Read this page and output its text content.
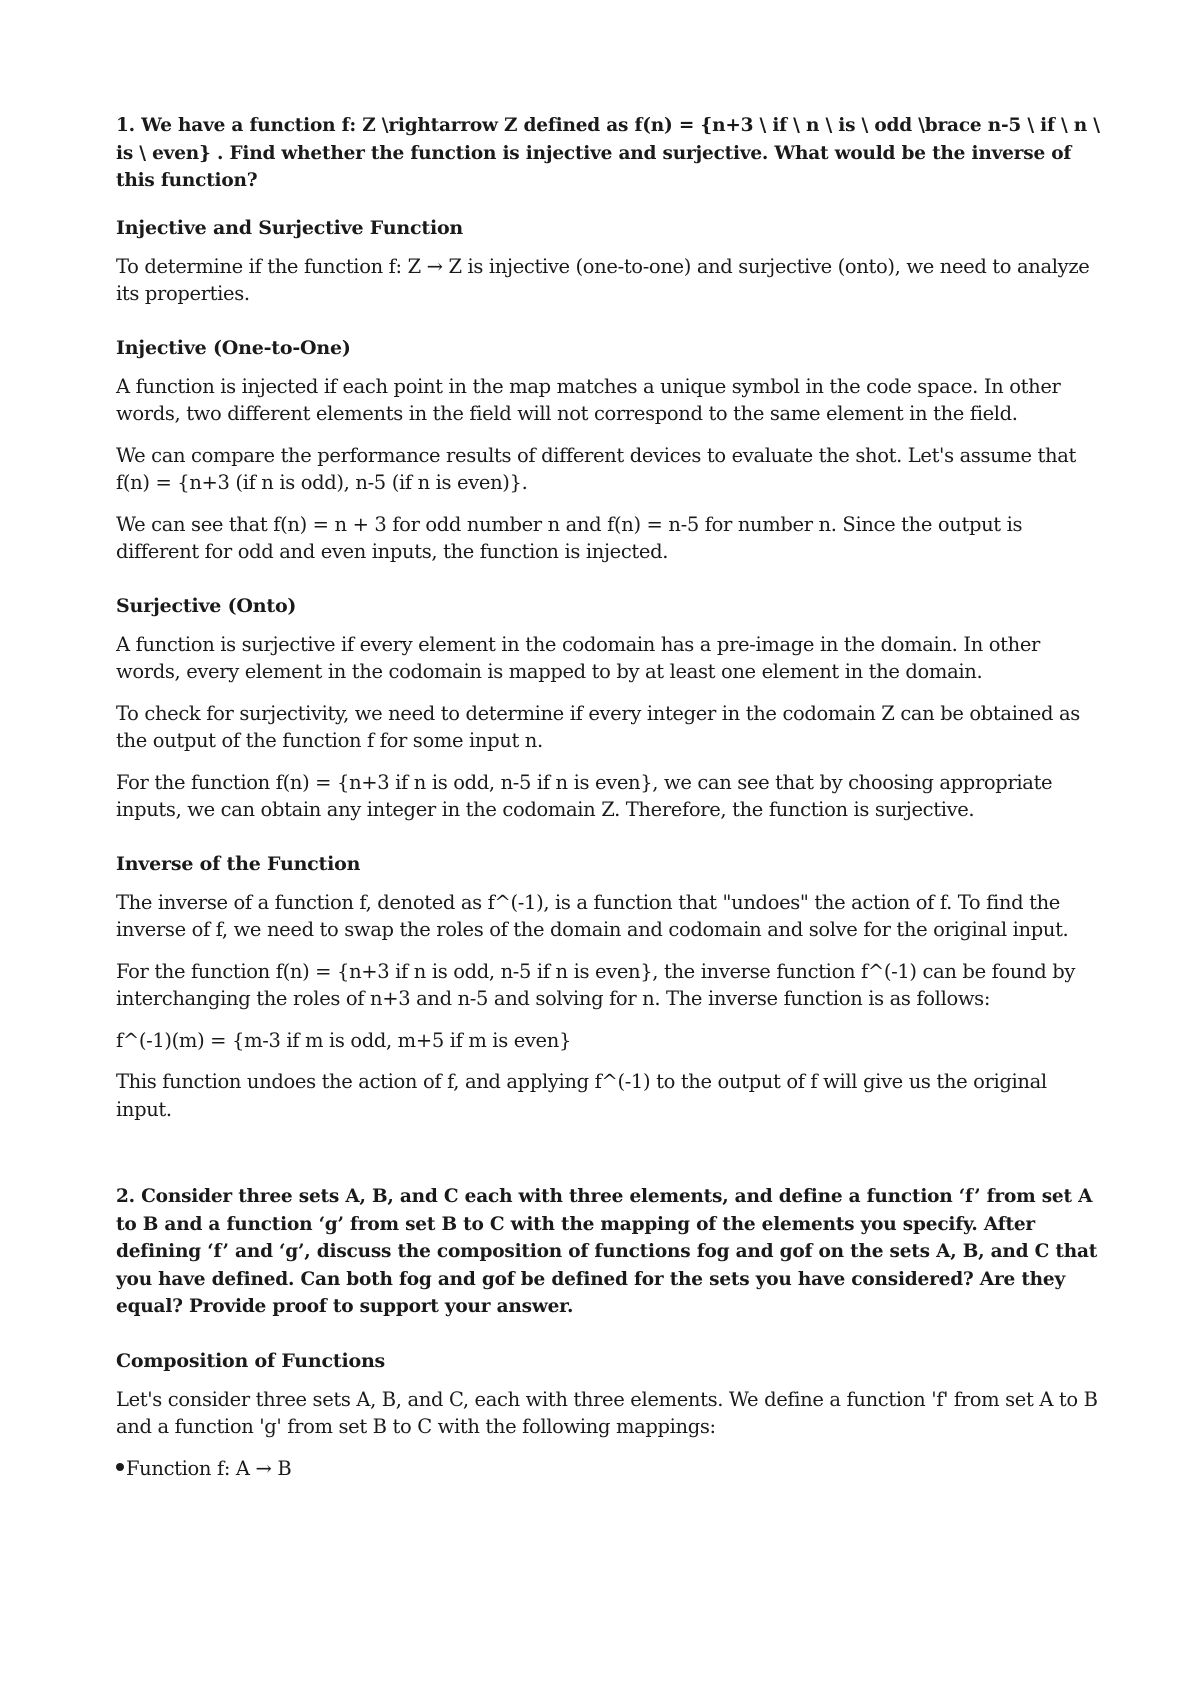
1. We have a function f: Z \rightarrow Z defined as f(n) = {n+3 \ if \ n \ is \ odd \brace n-5 \ if \ n \ is \ even} . Find whether the function is injective and surjective. What would be the inverse of this function?

Injective and Surjective Function

To determine if the function f: Z → Z is injective (one-to-one) and surjective (onto), we need to analyze its properties.

Injective (One-to-One)

A function is injected if each point in the map matches a unique symbol in the code space. In other words, two different elements in the field will not correspond to the same element in the field.

We can compare the performance results of different devices to evaluate the shot. Let's assume that f(n) = {n+3 (if n is odd), n-5 (if n is even)}.

We can see that f(n) = n + 3 for odd number n and f(n) = n-5 for number n. Since the output is different for odd and even inputs, the function is injected.

Surjective (Onto)

A function is surjective if every element in the codomain has a pre-image in the domain. In other words, every element in the codomain is mapped to by at least one element in the domain.

To check for surjectivity, we need to determine if every integer in the codomain Z can be obtained as the output of the function f for some input n.

For the function f(n) = {n+3 if n is odd, n-5 if n is even}, we can see that by choosing appropriate inputs, we can obtain any integer in the codomain Z. Therefore, the function is surjective.

Inverse of the Function

The inverse of a function f, denoted as f^(-1), is a function that "undoes" the action of f. To find the inverse of f, we need to swap the roles of the domain and codomain and solve for the original input.

For the function f(n) = {n+3 if n is odd, n-5 if n is even}, the inverse function f^(-1) can be found by interchanging the roles of n+3 and n-5 and solving for n. The inverse function is as follows:

f^(-1)(m) = {m-3 if m is odd, m+5 if m is even}

This function undoes the action of f, and applying f^(-1) to the output of f will give us the original input.

2. Consider three sets A, B, and C each with three elements, and define a function ‘f’ from set A to B and a function ‘g’ from set B to C with the mapping of the elements you specify. After defining ‘f’ and ‘g’, discuss the composition of functions fog and gof on the sets A, B, and C that you have defined. Can both fog and gof be defined for the sets you have considered? Are they equal? Provide proof to support your answer.

Composition of Functions

Let's consider three sets A, B, and C, each with three elements. We define a function 'f' from set A to B and a function 'g' from set B to C with the following mappings:

Function f: A → B
